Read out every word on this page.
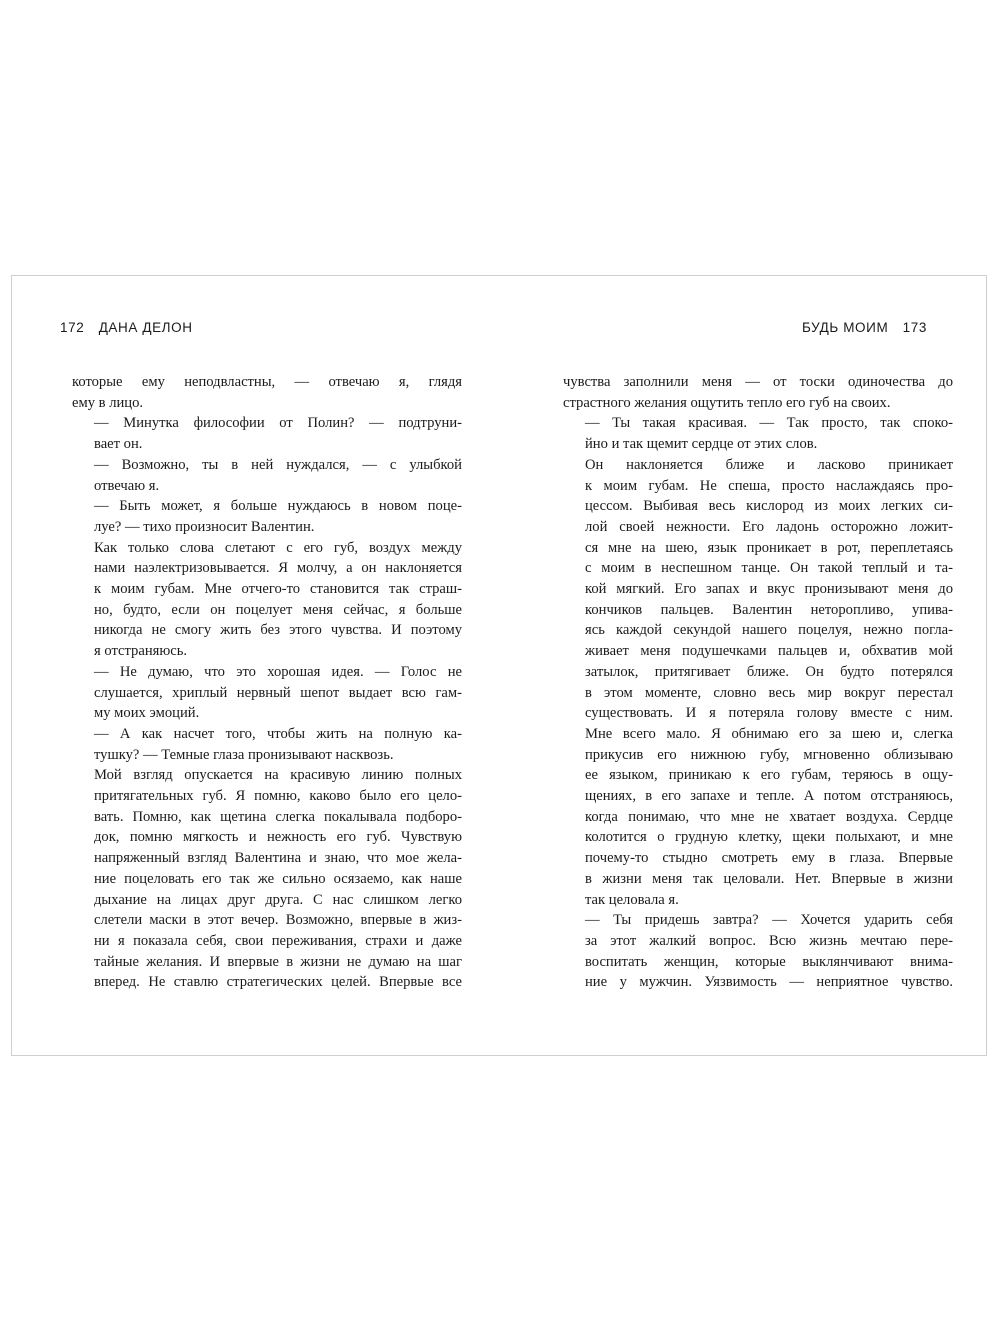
172 ДАНА ДЕЛОН

которые ему неподвластны, — отвечаю я, глядя
ему в лицо.

— Минутка философии от Полин? — подтруни-
вает он.

— Возможно, ты в ней нуждался, — с улыбкой
отвечаю я.

— Быть может, я больше нуждаюсь в новом поце-
луе? — тихо произносит Валентин.

Как только слова слетают с его губ, воздух между
нами наэлектризовывается. Я молчу, а он наклоняется
к моим губам. Мне отчего-то становится так страш-
но, будто, если он поцелует меня сейчас, я больше
никогда не смогу жить без этого чувства. И поэтому
я отстраняюсь.

— Не думаю, что это хорошая идея. — Голос не
слушается, хриплый нервный шепот выдает всю гам-
му моих эмоций.

— А как насчет того, чтобы жить на полную ка-
тушку? — Темные глаза пронизывают насквозь.

Мой взгляд опускается на красивую линию полных
притягательных губ. Я помню, каково было его цело-
вать. Помню, как щетина слегка покалывала подборо-
док, помню мягкость и нежность его губ. Чувствую
напряженный взгляд Валентина и знаю, что мое жела-
ние поцеловать его так же сильно осязаемо, как наше
дыхание на лицах друг друга. С нас слишком легко
слетели маски в этот вечер. Возможно, впервые в жиз-
ни я показала себя, свои переживания, страхи и даже
тайные желания. И впервые в жизни не думаю на шаг
вперед. Не ставлю стратегических целей. Впервые все

БУДЬ МОИМ 173

чувства заполнили меня — от тоски одиночества до
страстного желания ощутить тепло его губ на своих.

— Ты такая красивая. — Так просто, так споко-
йно и так щемит сердце от этих слов.

Он наклоняется ближе и ласково приникает
к моим губам. Не спеша, просто наслаждаясь про-
цессом. Выбивая весь кислород из моих легких си-
лой своей нежности. Его ладонь осторожно ложит-
ся мне на шею, язык проникает в рот, переплетаясь
с моим в неспешном танце. Он такой теплый и та-
кой мягкий. Его запах и вкус пронизывают меня до
кончиков пальцев. Валентин неторопливо, упива-
ясь каждой секундой нашего поцелуя, нежно погла-
живает меня подушечками пальцев и, обхватив мой
затылок, притягивает ближе. Он будто потерялся
в этом моменте, словно весь мир вокруг перестал
существовать. И я потеряла голову вместе с ним.
Мне всего мало. Я обнимаю его за шею и, слегка
прикусив его нижнюю губу, мгновенно облизываю
ее языком, приникаю к его губам, теряюсь в ощу-
щениях, в его запахе и тепле. А потом отстраняюсь,
когда понимаю, что мне не хватает воздуха. Сердце
колотится о грудную клетку, щеки полыхают, и мне
почему-то стыдно смотреть ему в глаза. Впервые
в жизни меня так целовали. Нет. Впервые в жизни
так целовала я.

— Ты придешь завтра? — Хочется ударить себя
за этот жалкий вопрос. Всю жизнь мечтаю пере-
воспитать женщин, которые выклянчивают внима-
ние у мужчин. Уязвимость — неприятное чувство.
